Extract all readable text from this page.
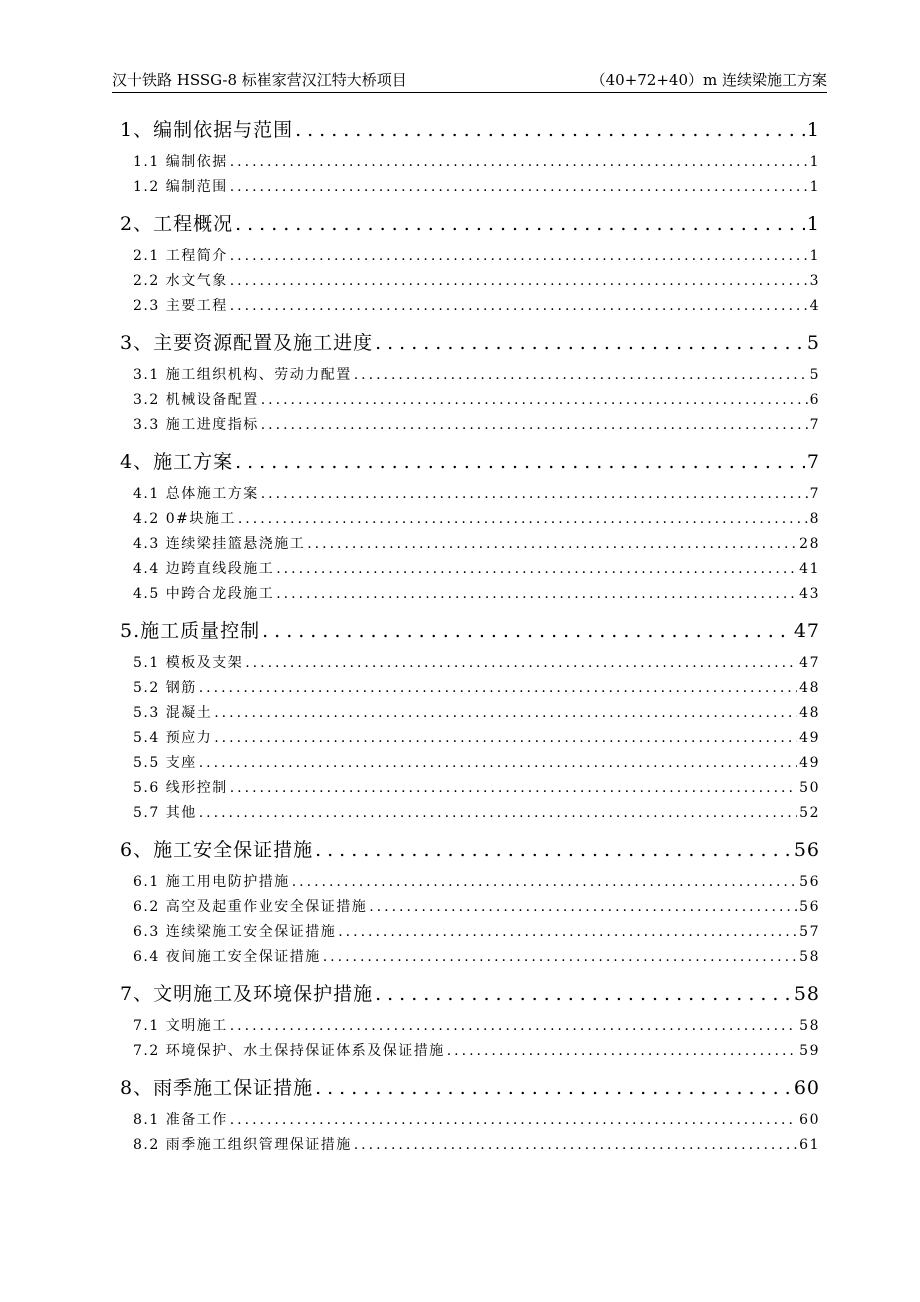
汉十铁路 HSSG-8 标崔家营汉江特大桥项目	（40+72+40）m 连续梁施工方案
1、编制依据与范围 .....	1
1.1 编制依据 .....	1
1.2 编制范围 .....	1
2、工程概况 .....	1
2.1 工程简介 .....	1
2.2 水文气象 .....	3
2.3 主要工程 .....	4
3、主要资源配置及施工进度 .....	5
3.1 施工组织机构、劳动力配置 .....	5
3.2 机械设备配置 .....	6
3.3 施工进度指标 .....	7
4、施工方案 .....	7
4.1 总体施工方案 .....	7
4.2 0#块施工 .....	8
4.3 连续梁挂篮悬浇施工 .....	28
4.4 边跨直线段施工 .....	41
4.5 中跨合龙段施工 .....	43
5.施工质量控制 .....	47
5.1 模板及支架 .....	47
5.2 钢筋 .....	48
5.3 混凝土 .....	48
5.4 预应力 .....	49
5.5 支座 .....	49
5.6 线形控制 .....	50
5.7 其他 .....	52
6、施工安全保证措施 .....	56
6.1 施工用电防护措施 .....	56
6.2 高空及起重作业安全保证措施 .....	56
6.3 连续梁施工安全保证措施 .....	57
6.4 夜间施工安全保证措施 .....	58
7、文明施工及环境保护措施 .....	58
7.1 文明施工 .....	58
7.2 环境保护、水土保持保证体系及保证措施 .....	59
8、雨季施工保证措施 .....	60
8.1 准备工作 .....	60
8.2 雨季施工组织管理保证措施 .....	61
